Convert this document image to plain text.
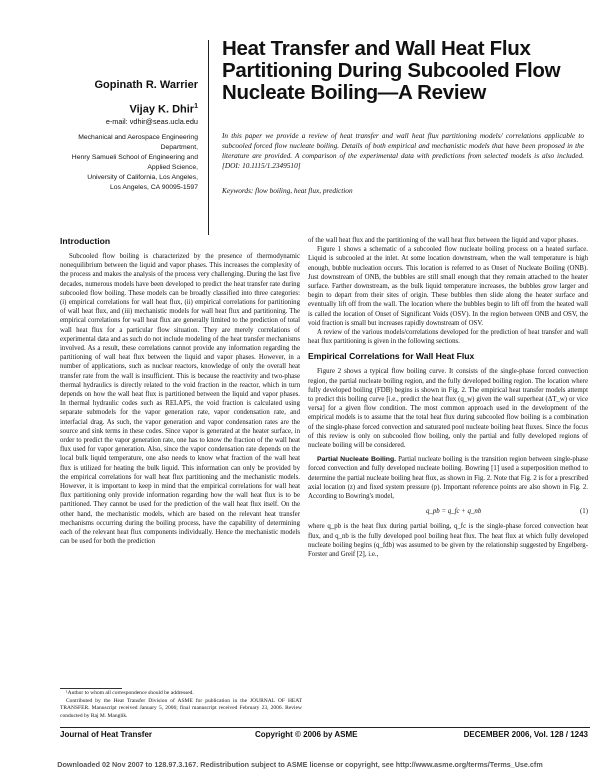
Gopinath R. Warrier
Vijay K. Dhir$^1$
e-mail: vdhir@seas.ucla.edu
Mechanical and Aerospace Engineering
Department,
Henry Samueli School of Engineering and
Applied Science,
University of California, Los Angeles,
Los Angeles, CA 90095-1597
Heat Transfer and Wall Heat Flux Partitioning During Subcooled Flow Nucleate Boiling—A Review
In this paper we provide a review of heat transfer and wall heat flux partitioning models/ correlations applicable to subcooled forced flow nucleate boiling. Details of both empirical and mechanistic models that have been proposed in the literature are provided. A comparison of the experimental data with predictions from selected models is also included. [DOI: 10.1115/1.2349510]
Keywords: flow boiling, heat flux, prediction
Introduction

Subcooled flow boiling is characterized by the presence of thermodynamic nonequilibrium between the liquid and vapor phases. This increases the complexity of the process and makes the analysis of the process very challenging. During the last five decades, numerous models have been developed to predict the heat transfer rate during subcooled flow boiling. These models can be broadly classified into three categories: (i) empirical correlations for wall heat flux, (ii) empirical correlations for partitioning of wall heat flux, and (iii) mechanistic models for wall heat flux and partitioning. The empirical correlations for wall heat flux are generally limited to the prediction of total wall heat flux for a particular flow situation. They are merely correlations of experimental data and as such do not include modeling of the heat transfer mechanisms involved. As a result, these correlations cannot provide any information regarding the partitioning of wall heat flux between the liquid and vapor phases. However, in a number of applications, such as nuclear reactors, knowledge of only the overall heat transfer rate from the wall is insufficient. This is because the reactivity and two-phase thermal hydraulics is directly related to the void fraction in the reactor, which in turn depends on how the wall heat flux is partitioned between the liquid and vapor phases. In thermal hydraulic codes such as RELAP5, the void fraction is calculated using separate submodels for the vapor generation rate, vapor condensation rate, and interfacial drag. As such, the vapor generation and vapor condensation rates are the source and sink terms in these codes. Since vapor is generated at the heater surface, in order to predict the vapor generation rate, one has to know the fraction of the wall heat flux used for vapor generation. Also, since the vapor condensation rate depends on the local bulk liquid temperature, one also needs to know what fraction of the wall heat flux is utilized for heating the bulk liquid. This information can only be provided by the empirical correlations for wall heat flux partitioning and the mechanistic models. However, it is important to keep in mind that the empirical correlations for wall heat flux partitioning only provide information regarding how the wall heat flux is to be partitioned. They cannot be used for the prediction of the wall heat flux itself. On the other hand, the mechanistic models, which are based on the relevant heat transfer mechanisms occurring during the boiling process, have the capability of determining each of the relevant heat flux components individually. Hence the mechanistic models can be used for both the prediction

¹Author to whom all correspondence should be addressed.

Contributed by the Heat Transfer Division of ASME for publication in the JOURNAL OF HEAT TRANSFER. Manuscript received January 5, 2006; final manuscript received February 23, 2006. Review conducted by Raj M. Manglik.

of the wall heat flux and the partitioning of the wall heat flux between the liquid and vapor phases.

Figure 1 shows a schematic of a subcooled flow nucleate boiling process on a heated surface. Liquid is subcooled at the inlet. At some location downstream, when the wall temperature is high enough, bubble nucleation occurs. This location is referred to as Onset of Nucleate Boiling (ONB). Just downstream of ONB, the bubbles are still small enough that they remain attached to the heater surface. Farther downstream, as the bulk liquid temperature increases, the bubbles grow larger and begin to depart from their sites of origin. These bubbles then slide along the heater surface and eventually lift off from the wall. The location where the bubbles begin to lift off from the heated wall is called the location of Onset of Significant Voids (OSV). In the region between ONB and OSV, the void fraction is small but increases rapidly downstream of OSV.

A review of the various models/correlations developed for the prediction of heat transfer and wall heat flux partitioning is given in the following sections.

Empirical Correlations for Wall Heat Flux

Figure 2 shows a typical flow boiling curve. It consists of the single-phase forced convection region, the partial nucleate boiling region, and the fully developed boiling region. The location where fully developed boiling (FDB) begins is shown in Fig. 2. The empirical heat transfer models attempt to predict this boiling curve [i.e., predict the heat flux (q_w) given the wall superheat (ΔT_w) or vice versa] for a given flow condition. The most common approach used in the development of the empirical models is to assume that the total heat flux during subcooled flow boiling is a combination of the single-phase forced convection and saturated pool nucleate boiling heat fluxes. Since the focus of this review is only on subcooled flow boiling, only the partial and fully developed regions of nucleate boiling will be considered.

Partial Nucleate Boiling. Partial nucleate boiling is the transition region between single-phase forced convection and fully developed nucleate boiling. Bowring [1] used a superposition method to determine the partial nucleate boiling heat flux, as shown in Fig. 2. Note that Fig. 2 is for a prescribed axial location (z) and fixed system pressure (p). Important reference points are also shown in Fig. 2. According to Bowring's model,

q_pb = q_fc + q_nb	(1)

where q_pb is the heat flux during partial boiling, q_fc is the single-phase forced convection heat flux, and q_nb is the fully developed pool boiling heat flux. The heat flux at which fully developed nucleate boiling begins (q_fdb) was assumed to be given by the relationship suggested by Engelberg-Forster and Greif [2], i.e.,

Journal of Heat Transfer	Copyright © 2006 by ASME	DECEMBER 2006, Vol. 128 / 1243
Downloaded 02 Nov 2007 to 128.97.3.167. Redistribution subject to ASME license or copyright, see http://www.asme.org/terms/Terms_Use.cfm
